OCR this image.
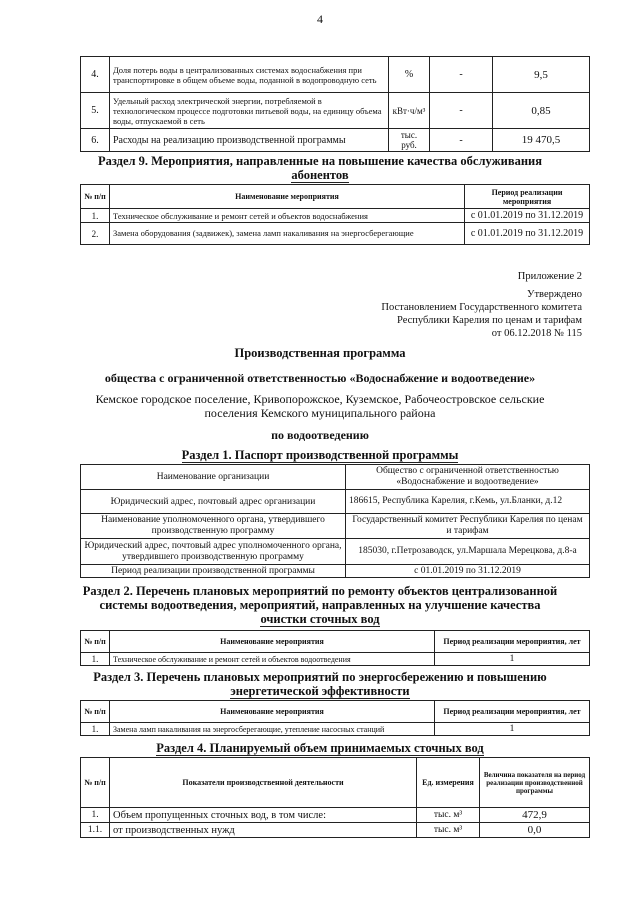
4
4.	Доля потерь воды в централизованных системах водоснабжения при транспортировке в общем объеме воды, поданной в водопроводную сеть	%	-	9,5
5.	Удельный расход электрической энергии, потребляемой в технологическом процессе подготовки питьевой воды, на единицу объема воды, отпускаемой в сеть	кВт·ч/м³	-	0,85
6.	Расходы на реализацию производственной программы	тыс. руб.	-	19 470,5
Раздел 9. Мероприятия, направленные на повышение качества обслуживания
абонентов
№ п/п	Наименование мероприятия	Период реализации мероприятия
1.	Техническое обслуживание и ремонт сетей и объектов водоснабжения	с 01.01.2019 по 31.12.2019
2.	Замена оборудования (задвижек), замена ламп накаливания на энергосберегающие	с 01.01.2019 по 31.12.2019
Приложение 2
Утверждено
Постановлением Государственного комитета
Республики Карелия по ценам и тарифам
от 06.12.2018 № 115
Производственная программа
общества с ограниченной ответственностью «Водоснабжение и водоотведение»
Кемское городское поселение, Кривопорожское, Куземское, Рабочеостровское сельские
поселения Кемского муниципального района
по водоотведению
Раздел 1. Паспорт производственной программы
Наименование организации	Общество с ограниченной ответственностью «Водоснабжение и водоотведение»
Юридический адрес, почтовый адрес организации	186615, Республика Карелия, г.Кемь, ул.Бланки, д.12
Наименование уполномоченного органа, утвердившего производственную программу	Государственный комитет Республики Карелия по ценам и тарифам
Юридический адрес, почтовый адрес уполномоченного органа, утвердившего производственную программу	185030, г.Петрозаводск, ул.Маршала Мерецкова, д.8-а
Период реализации производственной программы	с 01.01.2019 по 31.12.2019
Раздел 2. Перечень плановых мероприятий по ремонту объектов централизованной
системы водоотведения, мероприятий, направленных на улучшение качества
очистки сточных вод
№ п/п	Наименование мероприятия	Период реализации мероприятия, лет
1.	Техническое обслуживание и ремонт сетей и объектов водоотведения	1
Раздел 3. Перечень плановых мероприятий по энергосбережению и повышению
энергетической эффективности
№ п/п	Наименование мероприятия	Период реализации мероприятия, лет
1.	Замена ламп накаливания на энергосберегающие, утепление насосных станций	1
Раздел 4. Планируемый объем принимаемых сточных вод
№ п/п	Показатели производственной деятельности	Ед. измерения	Величина показателя на период реализации производственной программы
1.	Объем пропущенных сточных вод, в том числе:	тыс. м³	472,9
1.1.	от производственных нужд	тыс. м³	0,0
